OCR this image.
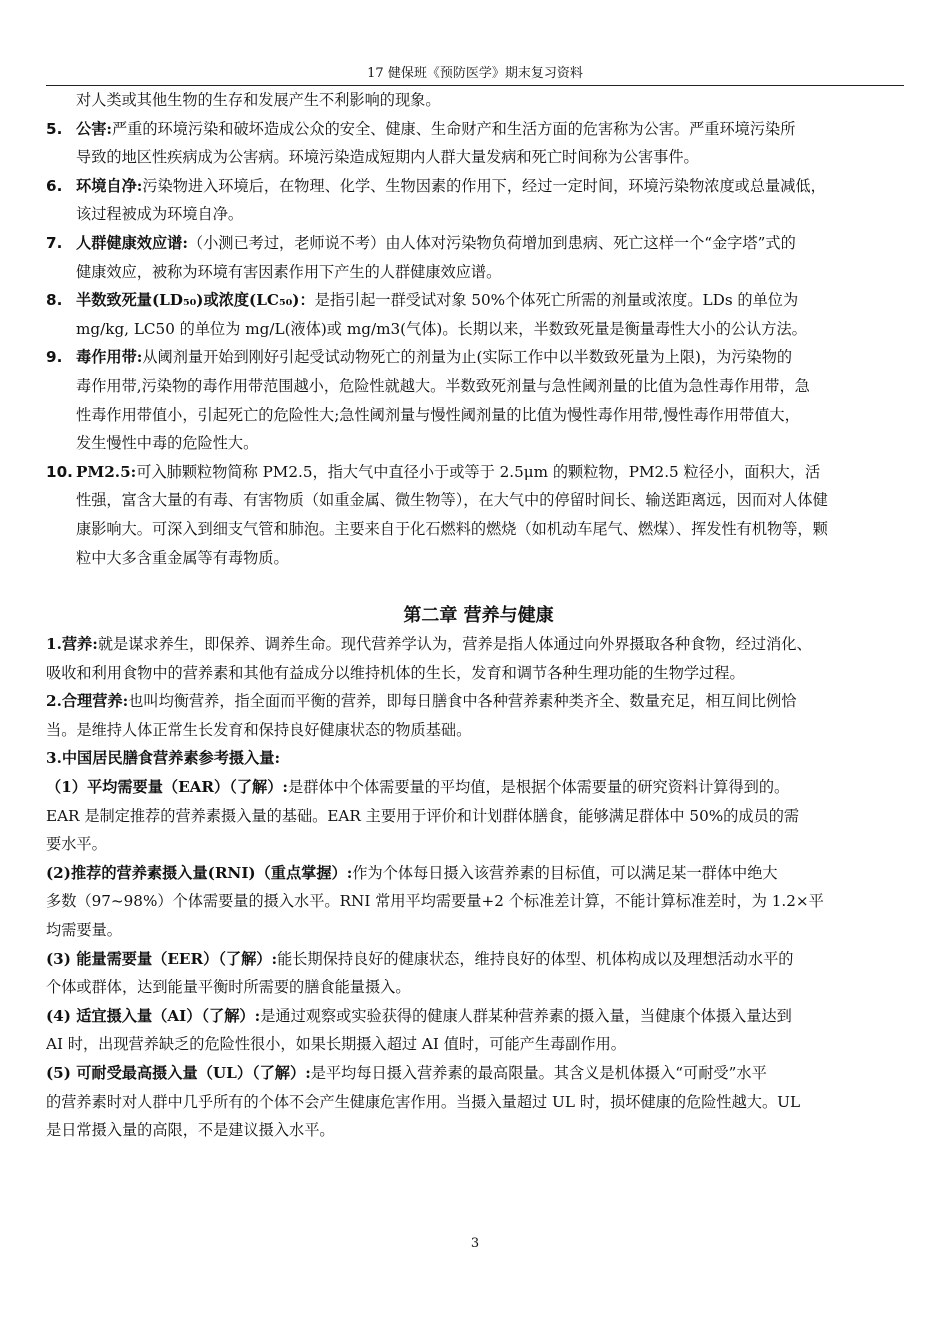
17 健保班《预防医学》期末复习资料
对人类或其他生物的生存和发展产生不利影响的现象。
5. 公害:严重的环境污染和破坏造成公众的安全、健康、生命财产和生活方面的危害称为公害。严重环境污染所
导致的地区性疾病成为公害病。环境污染造成短期内人群大量发病和死亡时间称为公害事件。
6. 环境自净:污染物进入环境后，在物理、化学、生物因素的作用下，经过一定时间，环境污染物浓度或总量减低，
该过程被成为环境自净。
7. 人群健康效应谱:（小测已考过，老师说不考）由人体对污染物负荷增加到患病、死亡这样一个“金字塔”式的
健康效应，被称为环境有害因素作用下产生的人群健康效应谱。
8. 半数致死量(LD₅₀)或浓度(LC₅₀)：是指引起一群受试对象 50%个体死亡所需的剂量或浓度。LDs 的单位为
mg/kg, LC50 的单位为 mg/L(液体)或 mg/m3(气体)。长期以来，半数致死量是衡量毒性大小的公认方法。
9. 毒作用带:从阈剂量开始到刚好引起受试动物死亡的剂量为止(实际工作中以半数致死量为上限)，为污染物的
毒作用带,污染物的毒作用带范围越小，危险性就越大。半数致死剂量与急性阈剂量的比值为急性毒作用带，急
性毒作用带值小，引起死亡的危险性大;急性阈剂量与慢性阈剂量的比值为慢性毒作用带,慢性毒作用带值大，
发生慢性中毒的危险性大。
10. PM2.5:可入肺颗粒物简称 PM2.5，指大气中直径小于或等于 2.5μm 的颗粒物，PM2.5 粒径小，面积大，活
性强，富含大量的有毒、有害物质（如重金属、微生物等），在大气中的停留时间长、输送距离远，因而对人体健
康影响大。可深入到细支气管和肺泡。主要来自于化石燃料的燃烧（如机动车尾气、燃煤）、挥发性有机物等，颗
粒中大多含重金属等有毒物质。
第二章 营养与健康
1.营养:就是谋求养生，即保养、调养生命。现代营养学认为，营养是指人体通过向外界摄取各种食物，经过消化、
吸收和利用食物中的营养素和其他有益成分以维持机体的生长，发育和调节各种生理功能的生物学过程。
2.合理营养:也叫均衡营养，指全面而平衡的营养，即每日膳食中各种营养素种类齐全、数量充足，相互间比例恰
当。是维持人体正常生长发育和保持良好健康状态的物质基础。
3.中国居民膳食营养素参考摄入量:
（1）平均需要量（EAR）（了解）:是群体中个体需要量的平均值，是根据个体需要量的研究资料计算得到的。
EAR 是制定推荐的营养素摄入量的基础。EAR 主要用于评价和计划群体膳食，能够满足群体中 50%的成员的需
要水平。
(2)推荐的营养素摄入量(RNI)（重点掌握）:作为个体每日摄入该营养素的目标值，可以满足某一群体中绝大
多数（97~98%）个体需要量的摄入水平。RNI 常用平均需要量+2 个标准差计算，不能计算标准差时，为 1.2×平
均需要量。
(3) 能量需要量（EER）（了解）:能长期保持良好的健康状态，维持良好的体型、机体构成以及理想活动水平的
个体或群体，达到能量平衡时所需要的膳食能量摄入。
(4) 适宜摄入量（AI）（了解）:是通过观察或实验获得的健康人群某种营养素的摄入量，当健康个体摄入量达到
AI 时，出现营养缺乏的危险性很小，如果长期摄入超过 AI 值时，可能产生毒副作用。
(5) 可耐受最高摄入量（UL）（了解）:是平均每日摄入营养素的最高限量。其含义是机体摄入“可耐受”水平
的营养素时对人群中几乎所有的个体不会产生健康危害作用。当摄入量超过 UL 时，损坏健康的危险性越大。UL
是日常摄入量的高限，不是建议摄入水平。
3
